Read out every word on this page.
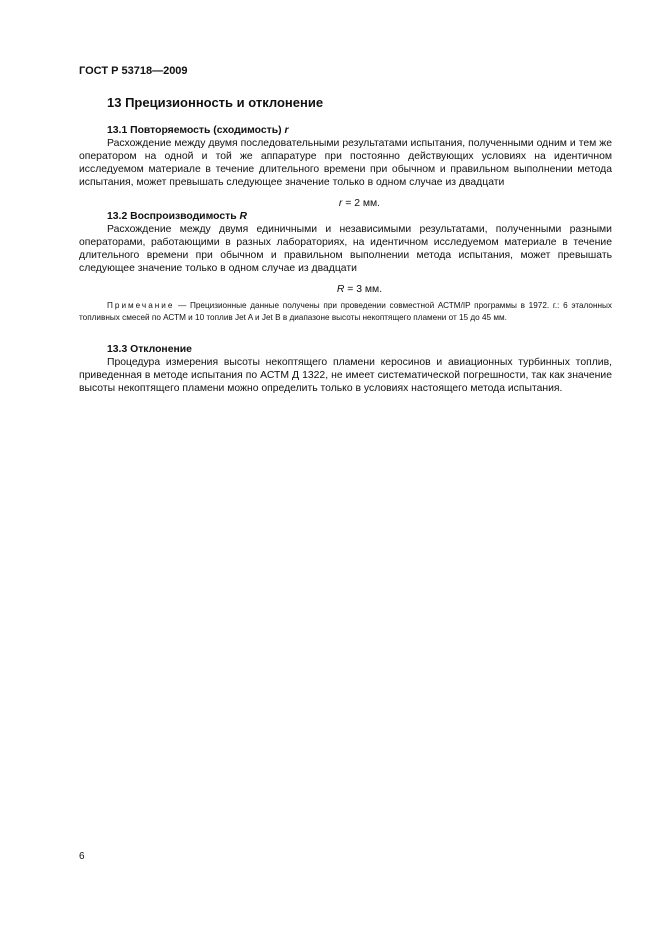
ГОСТ Р 53718—2009
13 Прецизионность и отклонение
13.1 Повторяемость (сходимость) r

Расхождение между двумя последовательными результатами испытания, полученными одним и тем же оператором на одной и той же аппаратуре при постоянно действующих условиях на идентичном исследуемом материале в течение длительного времени при обычном и правильном выполнении метода испытания, может превышать следующее значение только в одном случае из двадцати

r = 2 мм.
13.2 Воспроизводимость R

Расхождение между двумя единичными и независимыми результатами, полученными разными операторами, работающими в разных лабораториях, на идентичном исследуемом материале в течение длительного времени при обычном и правильном выполнении метода испытания, может превышать следующее значение только в одном случае из двадцати

R = 3 мм.

Примечание — Прецизионные данные получены при проведении совместной АСТМ/IP программы в 1972. г.: 6 эталонных топливных смесей по АСТМ и 10 топлив Jet A и Jet B в диапазоне высоты некоптящего пламени от 15 до 45 мм.

13.3 Отклонение

Процедура измерения высоты некоптящего пламени керосинов и авиационных турбинных топлив, приведенная в методе испытания по АСТМ Д 1322, не имеет систематической погрешности, так как значение высоты некоптящего пламени можно определить только в условиях настоящего метода испытания.

6
